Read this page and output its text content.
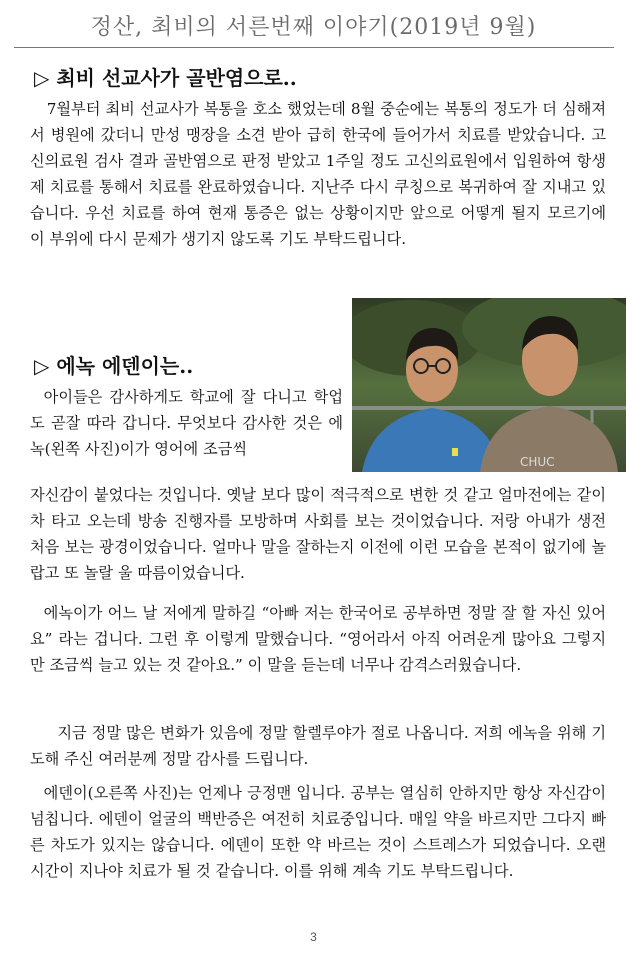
정산, 최비의 서른번째 이야기(2019년 9월)
▷ 최비 선교사가 골반염으로..

7월부터 최비 선교사가 복통을 호소 했었는데 8월 중순에는 복통의 정도가 더 심해져서 병원에 갔더니 만성 맹장을 소견 받아 급히 한국에 들어가서 치료를 받았습니다. 고신의료원 검사 결과 골반염으로 판정 받았고 1주일 정도 고신의료원에서 입원하여 항생제 치료를 통해서 치료를 완료하였습니다. 지난주 다시 쿠칭으로 복귀하여 잘 지내고 있습니다. 우선 치료를 하여 현재 통증은 없는 상황이지만 앞으로 어떻게 될지 모르기에 이 부위에 다시 문제가 생기지 않도록 기도 부탁드립니다.

CHUC
▷ 에녹 에덴이는..

아이들은 감사하게도 학교에 잘 다니고 학업도 곧잘 따라 갑니다. 무엇보다 감사한 것은 에녹(왼쪽 사진)이가 영어에 조금씩

자신감이 붙었다는 것입니다. 옛날 보다 많이 적극적으로 변한 것 같고 얼마전에는 같이 차 타고 오는데 방송 진행자를 모방하며 사회를 보는 것이었습니다. 저랑 아내가 생전 처음 보는 광경이었습니다. 얼마나 말을 잘하는지 이전에 이런 모습을 본적이 없기에 놀랍고 또 놀랄 울 따름이었습니다.

에녹이가 어느 날 저에게 말하길 “아빠 저는 한국어로 공부하면 정말 잘 할 자신 있어요” 라는 겁니다. 그런 후 이렇게 말했습니다. “영어라서 아직 어려운게 많아요 그렇지만 조금씩 늘고 있는 것 같아요.” 이 말을 듣는데 너무나 감격스러웠습니다.

지금 정말 많은 변화가 있음에 정말 할렐루야가 절로 나옵니다. 저희 에녹을 위해 기도해 주신 여러분께 정말 감사를 드립니다.

에덴이(오른쪽 사진)는 언제나 긍정맨 입니다. 공부는 열심히 안하지만 항상 자신감이 넘칩니다. 에덴이 얼굴의 백반증은 여전히 치료중입니다. 매일 약을 바르지만 그다지 빠른 차도가 있지는 않습니다. 에덴이 또한 약 바르는 것이 스트레스가 되었습니다. 오랜 시간이 지나야 치료가 될 것 같습니다. 이를 위해 계속 기도 부탁드립니다.

3
